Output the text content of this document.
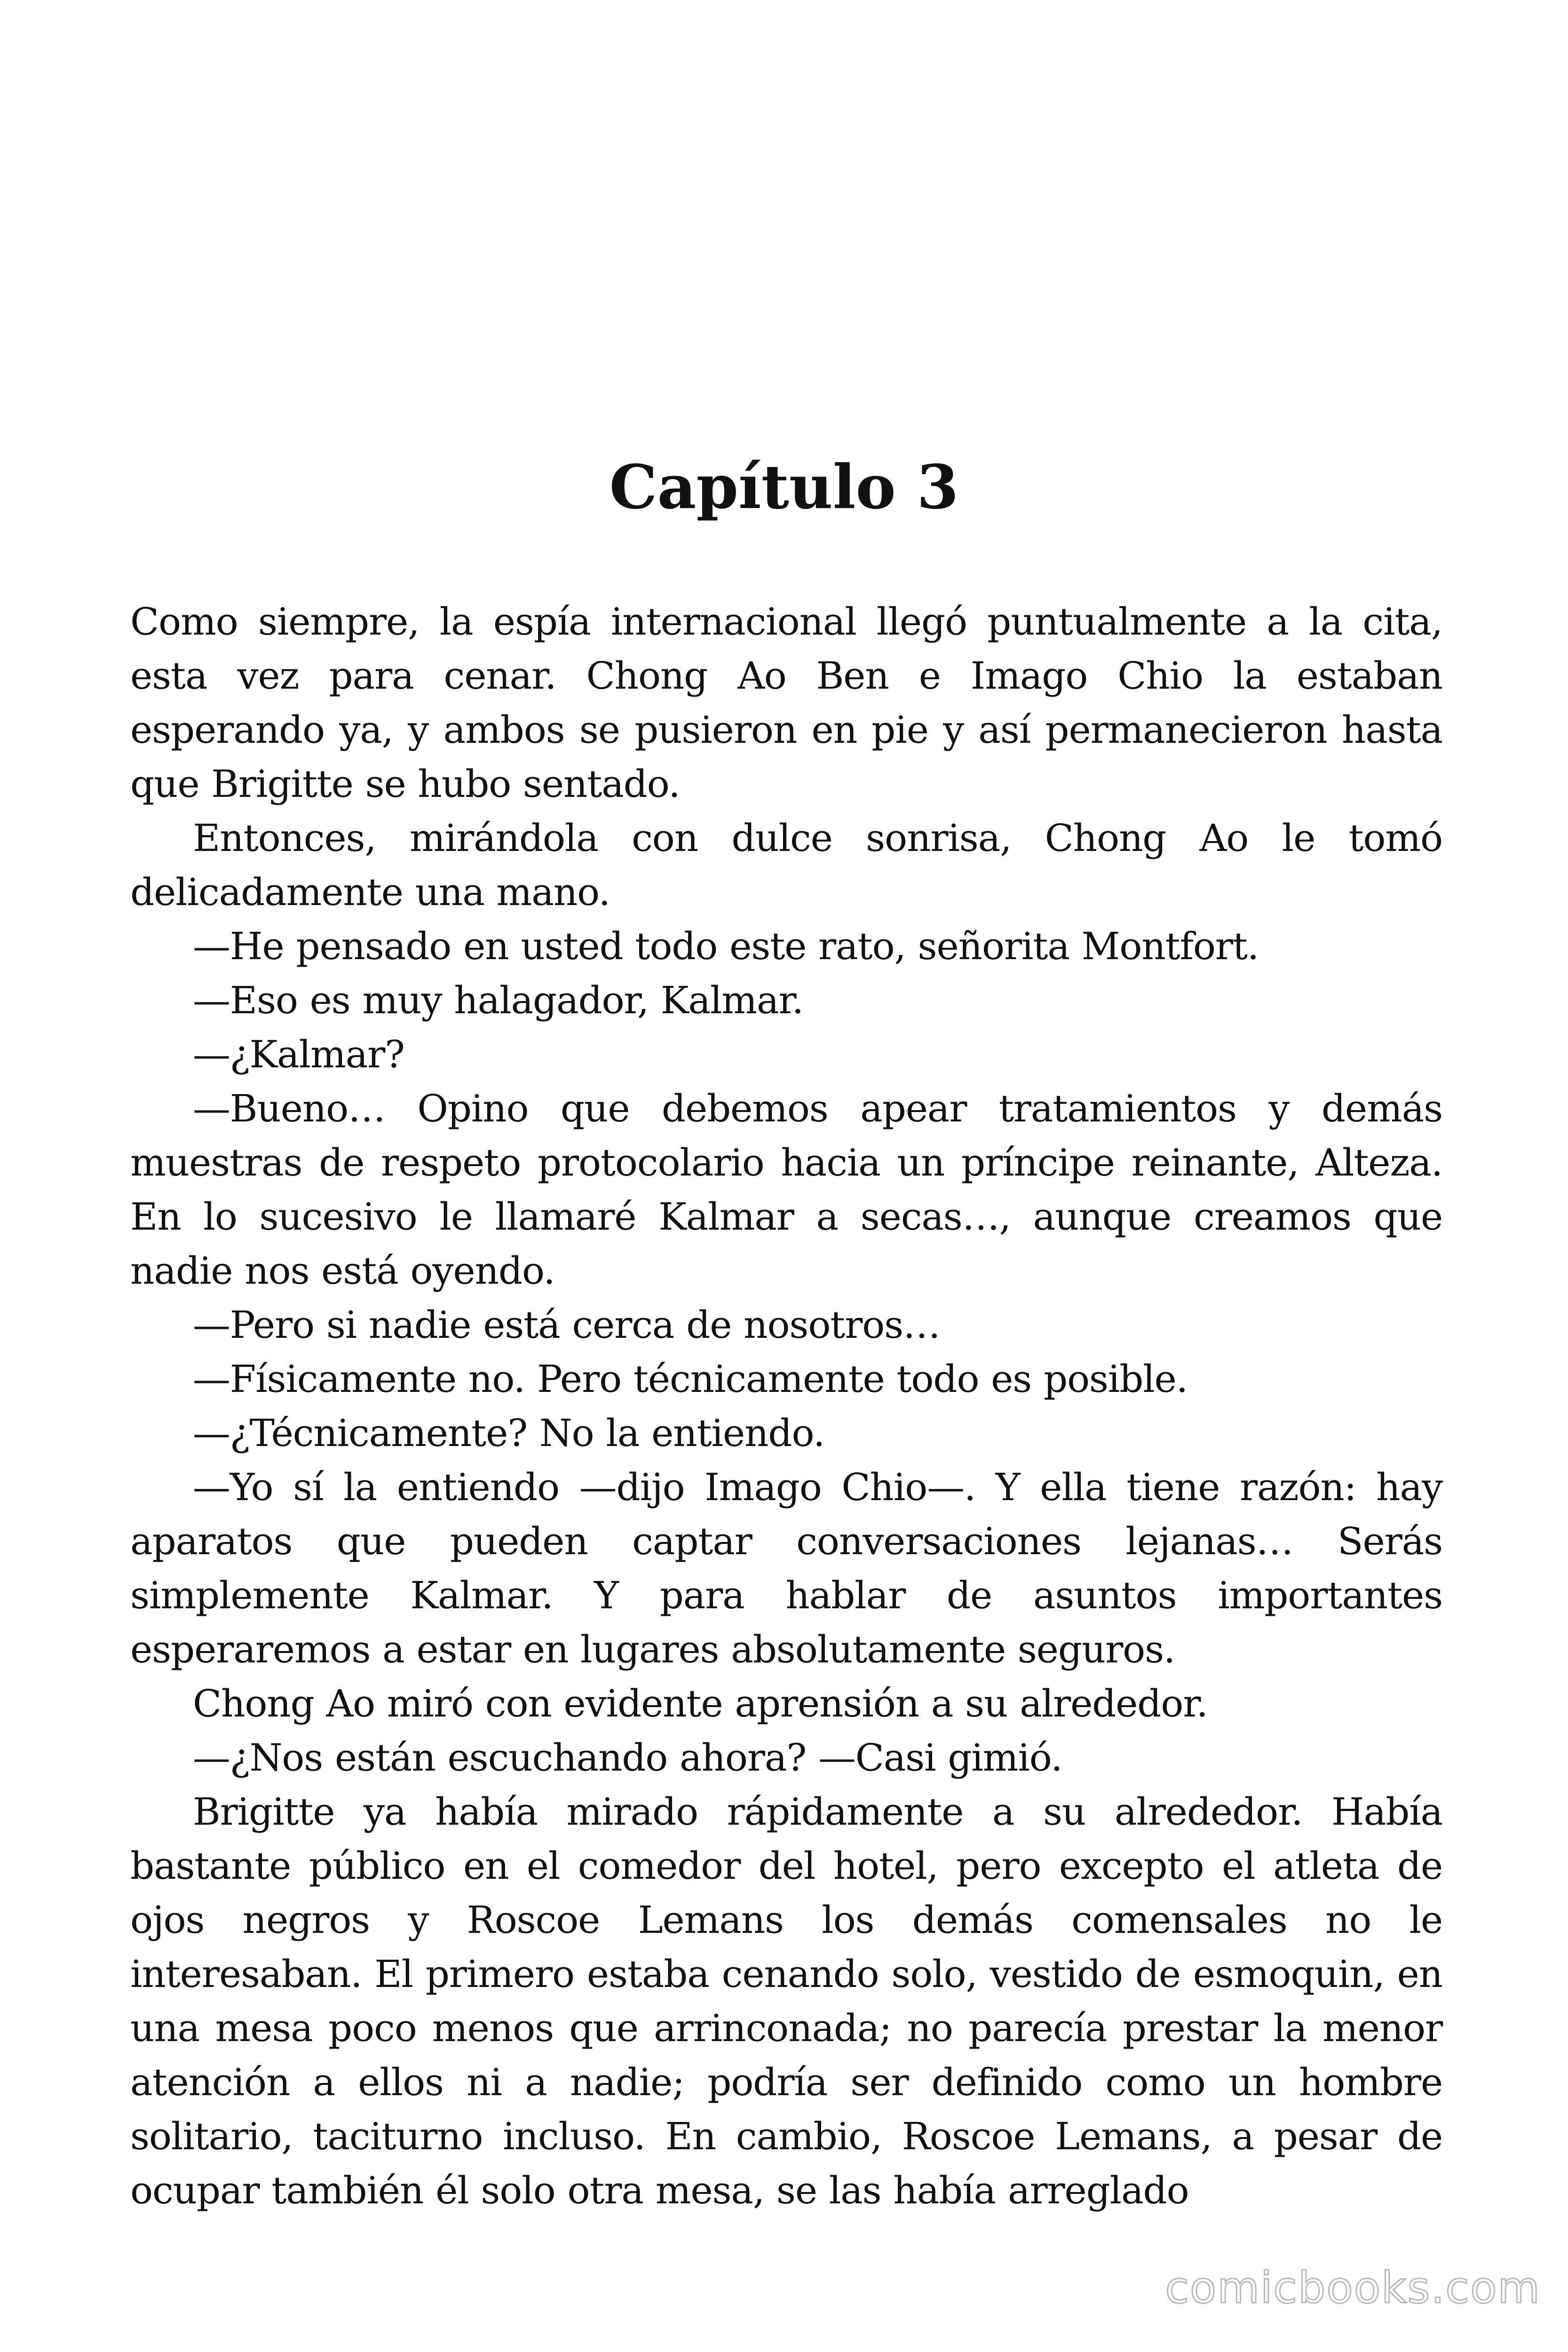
Capítulo 3

Como siempre, la espía internacional llegó puntualmente a la cita, esta vez para cenar. Chong Ao Ben e Imago Chio la estaban esperando ya, y ambos se pusieron en pie y así permanecieron hasta que Brigitte se hubo sentado.

Entonces, mirándola con dulce sonrisa, Chong Ao le tomó delicadamente una mano.

—He pensado en usted todo este rato, señorita Montfort.

—Eso es muy halagador, Kalmar.

—¿Kalmar?

—Bueno… Opino que debemos apear tratamientos y demás muestras de respeto protocolario hacia un príncipe reinante, Alteza. En lo sucesivo le llamaré Kalmar a secas…, aunque creamos que nadie nos está oyendo.

—Pero si nadie está cerca de nosotros…

—Físicamente no. Pero técnicamente todo es posible.

—¿Técnicamente? No la entiendo.

—Yo sí la entiendo —dijo Imago Chio—. Y ella tiene razón: hay aparatos que pueden captar conversaciones lejanas… Serás simplemente Kalmar. Y para hablar de asuntos importantes esperaremos a estar en lugares absolutamente seguros.

Chong Ao miró con evidente aprensión a su alrededor.

—¿Nos están escuchando ahora? —Casi gimió.

Brigitte ya había mirado rápidamente a su alrededor. Había bastante público en el comedor del hotel, pero excepto el atleta de ojos negros y Roscoe Lemans los demás comensales no le interesaban. El primero estaba cenando solo, vestido de esmoquin, en una mesa poco menos que arrinconada; no parecía prestar la menor atención a ellos ni a nadie; podría ser definido como un hombre solitario, taciturno incluso. En cambio, Roscoe Lemans, a pesar de ocupar también él solo otra mesa, se las había arreglado

comicbooks.com
